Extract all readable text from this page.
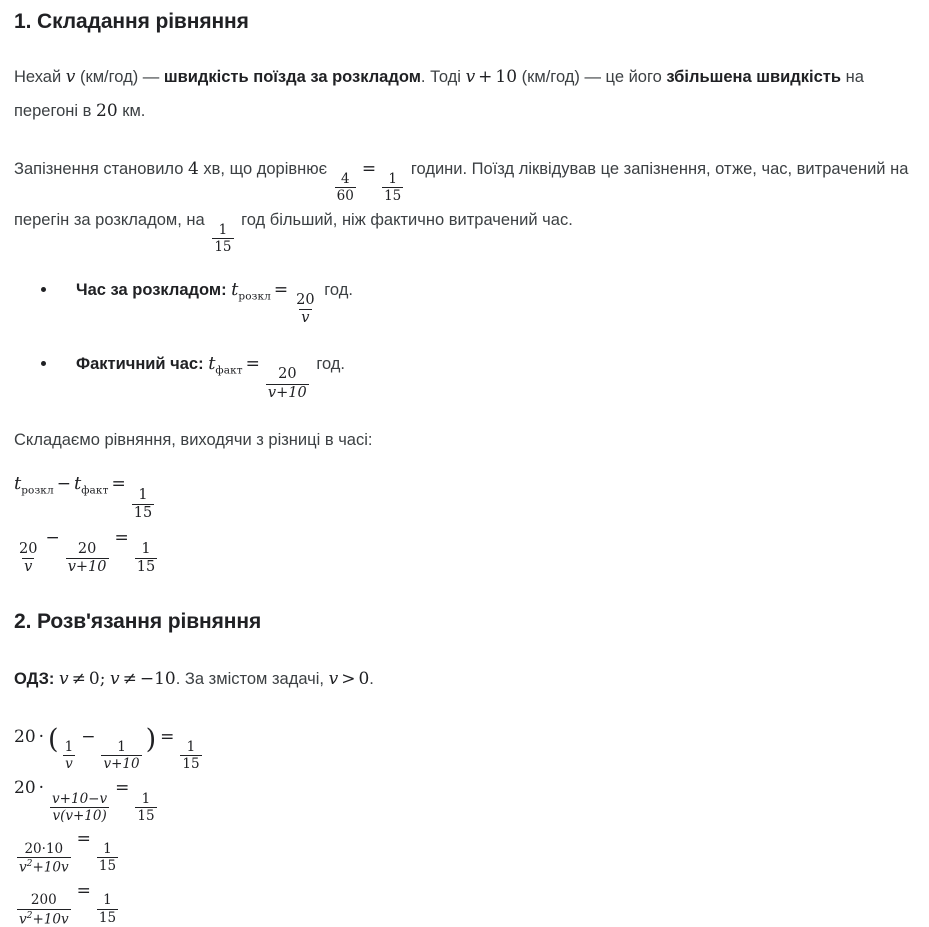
1. Складання рівняння

Нехай v (км/год) — швидкість поїзда за розкладом. Тоді v + 10 (км/год) — це його збільшена швидкість на перегоні в 20 км.

Запізнення становило 4 хв, що дорівнює
$\frac{4}{60}$
=
$\frac{1}{15}$
години. Поїзд ліквідував це запізнення, отже, час, витрачений на перегін за розкладом, на
$\frac{1}{15}$
год більший, ніж фактично витрачений час.

Час за розкладом: $t_{розкл}$ =
$\frac{20}{v}$
год.
Фактичний час: $t_{факт}$ =
$\frac{20}{v+10}$
год.

Складаємо рівняння, виходячи з різниці в часі:

$t_{розкл} - t_{факт}$ =
$\frac{1}{15}$
$\frac{20}{v}$
−
$\frac{20}{v+10}$
=
$\frac{1}{15}$
2. Розв'язання рівняння

ОДЗ: v ≠ 0; v ≠ −10. За змістом задачі, v > 0.

20 · (
$\frac{1}{v}$
−
$\frac{1}{v+10}$
) =
$\frac{1}{15}$
20 ·
$\frac{v+10-v}{v(v+10)}$
=
$\frac{1}{15}$
$\frac{20\cdot 10}{v^2+10v}$
=
$\frac{1}{15}$
$\frac{200}{v^2+10v}$
=
$\frac{1}{15}$
